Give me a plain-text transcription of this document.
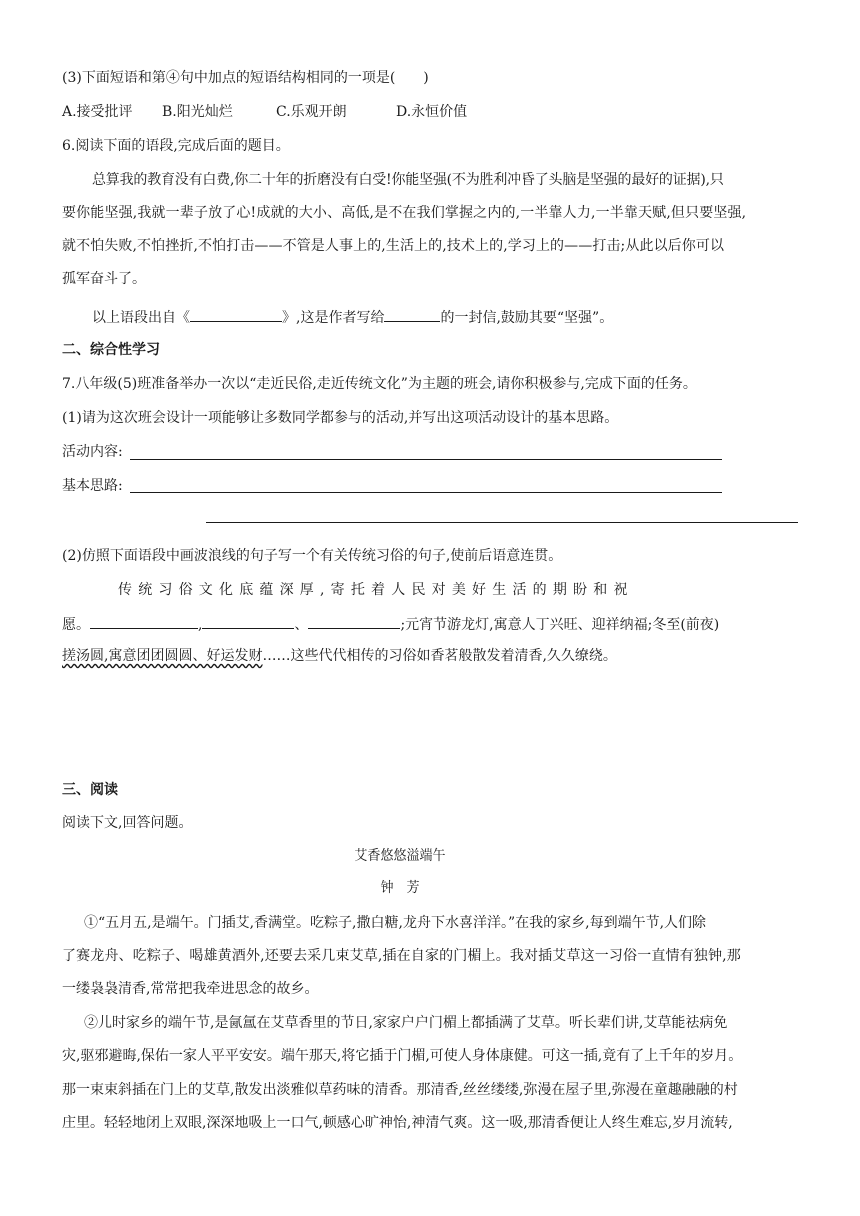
(3)下面短语和第④句中加点的短语结构相同的一项是(　　)
A.接受批评 B.阳光灿烂	C.乐观开朗	D.永恒价值
6.阅读下面的语段,完成后面的题目。
总算我的教育没有白费,你二十年的折磨没有白受!你能坚强(不为胜利冲昏了头脑是坚强的最好的证据),只
要你能坚强,我就一辈子放了心!成就的大小、高低,是不在我们掌握之内的,一半靠人力,一半靠天赋,但只要坚强,
就不怕失败,不怕挫折,不怕打击——不管是人事上的,生活上的,技术上的,学习上的——打击;从此以后你可以
孤军奋斗了。
以上语段出自《	》,这是作者写给	的一封信,鼓励其要“坚强”。
二、综合性学习
7.八年级(5)班准备举办一次以“走近民俗,走近传统文化”为主题的班会,请你积极参与,完成下面的任务。
(1)请为这次班会设计一项能够让多数同学都参与的活动,并写出这项活动设计的基本思路。
活动内容:
基本思路:
(2)仿照下面语段中画波浪线的句子写一个有关传统习俗的句子,使前后语意连贯。
传统习俗文化底蕴深厚,寄托着人民对美好生活的期盼和祝
愿。	,	、	;元宵节游龙灯,寓意人丁兴旺、迎祥纳福;冬至(前夜)
搓汤圆,寓意团团圆圆、好运发财……这些代代相传的习俗如香茗般散发着清香,久久缭绕。
三、阅读
阅读下文,回答问题。
艾香悠悠溢端午
钟　芳
①“五月五,是端午。门插艾,香满堂。吃粽子,撒白糖,龙舟下水喜洋洋。”在我的家乡,每到端午节,人们除
了赛龙舟、吃粽子、喝雄黄酒外,还要去采几束艾草,插在自家的门楣上。我对插艾草这一习俗一直情有独钟,那
一缕袅袅清香,常常把我牵进思念的故乡。
②儿时家乡的端午节,是氤氲在艾草香里的节日,家家户户门楣上都插满了艾草。听长辈们讲,艾草能祛病免
灾,驱邪避晦,保佑一家人平平安安。端午那天,将它插于门楣,可使人身体康健。可这一插,竟有了上千年的岁月。
那一束束斜插在门上的艾草,散发出淡雅似草药味的清香。那清香,丝丝缕缕,弥漫在屋子里,弥漫在童趣融融的村
庄里。轻轻地闭上双眼,深深地吸上一口气,顿感心旷神怡,神清气爽。这一吸,那清香便让人终生难忘,岁月流转,
